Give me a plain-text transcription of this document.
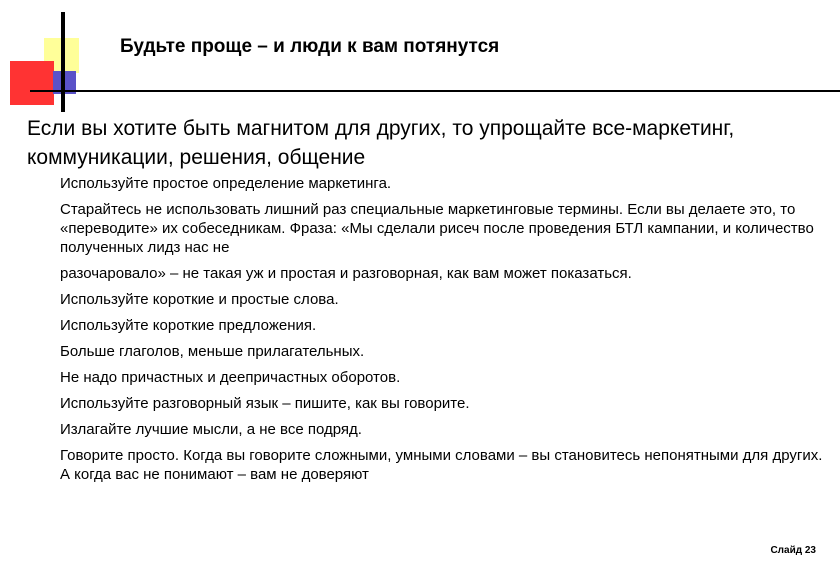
Будьте проще – и люди к вам потянутся
Если вы хотите быть магнитом для других, то упрощайте все-маркетинг, коммуникации, решения, общение
Используйте простое определение маркетинга.
Старайтесь не использовать лишний раз специальные маркетинговые термины. Если вы делаете это, то «переводите» их собеседникам. Фраза: «Мы сделали рисеч после проведения БТЛ кампании, и количество полученных лидз нас не
разочаровало» – не такая уж и простая и разговорная, как вам может показаться.
Используйте короткие и простые слова.
Используйте короткие предложения.
Больше глаголов, меньше прилагательных.
Не надо причастных и деепричастных оборотов.
Используйте разговорный язык – пишите, как вы говорите.
Излагайте лучшие мысли, а не все подряд.
Говорите просто. Когда вы говорите сложными, умными словами – вы становитесь непонятными для других. А когда вас не понимают – вам не доверяют
Слайд 23
